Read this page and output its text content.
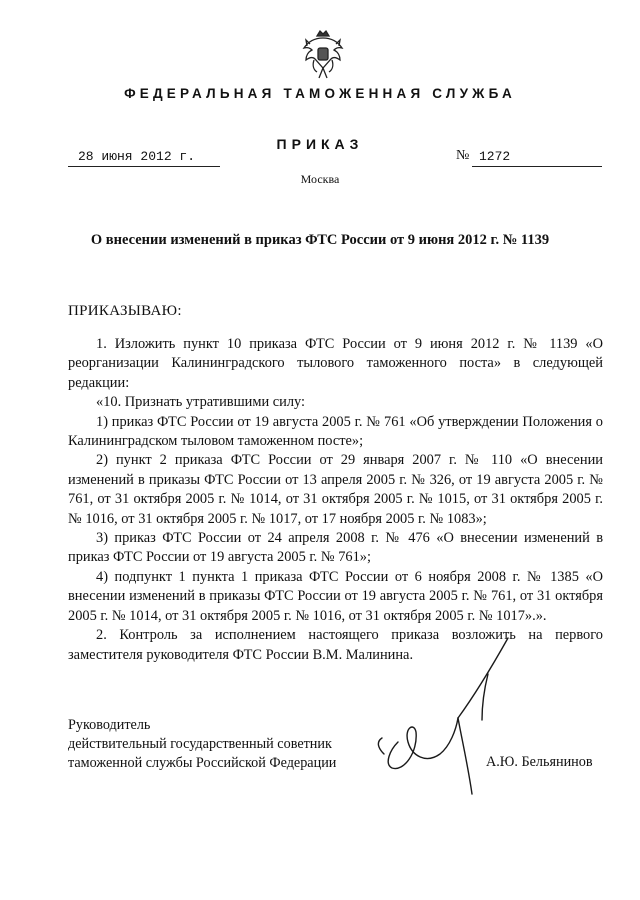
ФЕДЕРАЛЬНАЯ ТАМОЖЕННАЯ СЛУЖБА
ПРИКАЗ
28 июня 2012 г.	№ 1272
Москва
О внесении изменений в приказ ФТС России от 9 июня 2012 г. № 1139
ПРИКАЗЫВАЮ:

1. Изложить пункт 10 приказа ФТС России от 9 июня 2012 г. № 1139 «О реорганизации Калининградского тылового таможенного поста» в следующей редакции:

«10. Признать утратившими силу:

1) приказ ФТС России от 19 августа 2005 г. № 761 «Об утверждении Положения о Калининградском тыловом таможенном посте»;

2) пункт 2 приказа ФТС России от 29 января 2007 г. № 110 «О внесении изменений в приказы ФТС России от 13 апреля 2005 г. № 326, от 19 августа 2005 г. № 761, от 31 октября 2005 г. № 1014, от 31 октября 2005 г. № 1015, от 31 октября 2005 г. № 1016, от 31 октября 2005 г. № 1017, от 17 ноября 2005 г. № 1083»;

3) приказ ФТС России от 24 апреля 2008 г. № 476 «О внесении изменений в приказ ФТС России от 19 августа 2005 г. № 761»;

4) подпункт 1 пункта 1 приказа ФТС России от 6 ноября 2008 г. № 1385 «О внесении изменений в приказы ФТС России от 19 августа 2005 г. № 761, от 31 октября 2005 г. № 1014, от 31 октября 2005 г. № 1016, от 31 октября 2005 г. № 1017».».

2. Контроль за исполнением настоящего приказа возложить на первого заместителя руководителя ФТС России В.М. Малинина.

Руководитель
действительный государственный советник
таможенной службы Российской Федерации	А.Ю. Бельянинов
